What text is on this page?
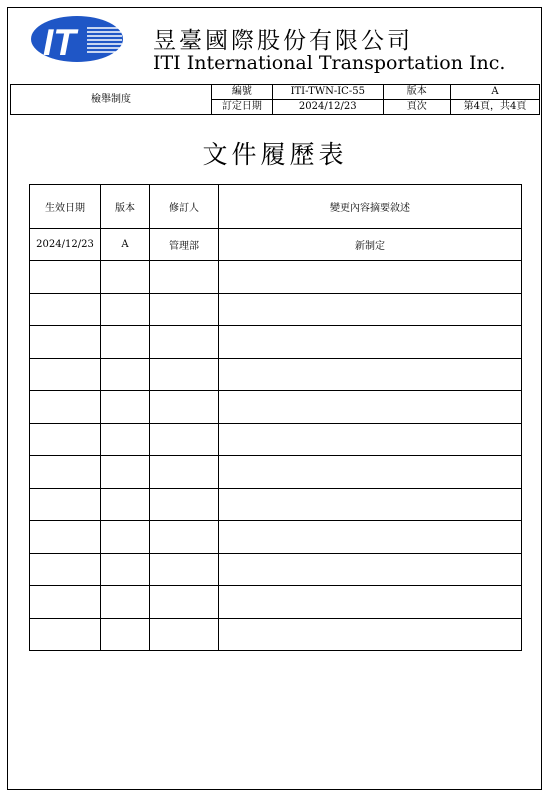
IT	昱臺國際股份有限公司
ITI International Transportation Inc.
檢舉制度	編號	ITI-TWN-IC-55	版本	A
	訂定日期	2024/12/23	頁次	第4頁，共4頁
文件履歷表
生效日期	版本	修訂人	變更內容摘要敘述
2024/12/23	A	管理部	新制定
